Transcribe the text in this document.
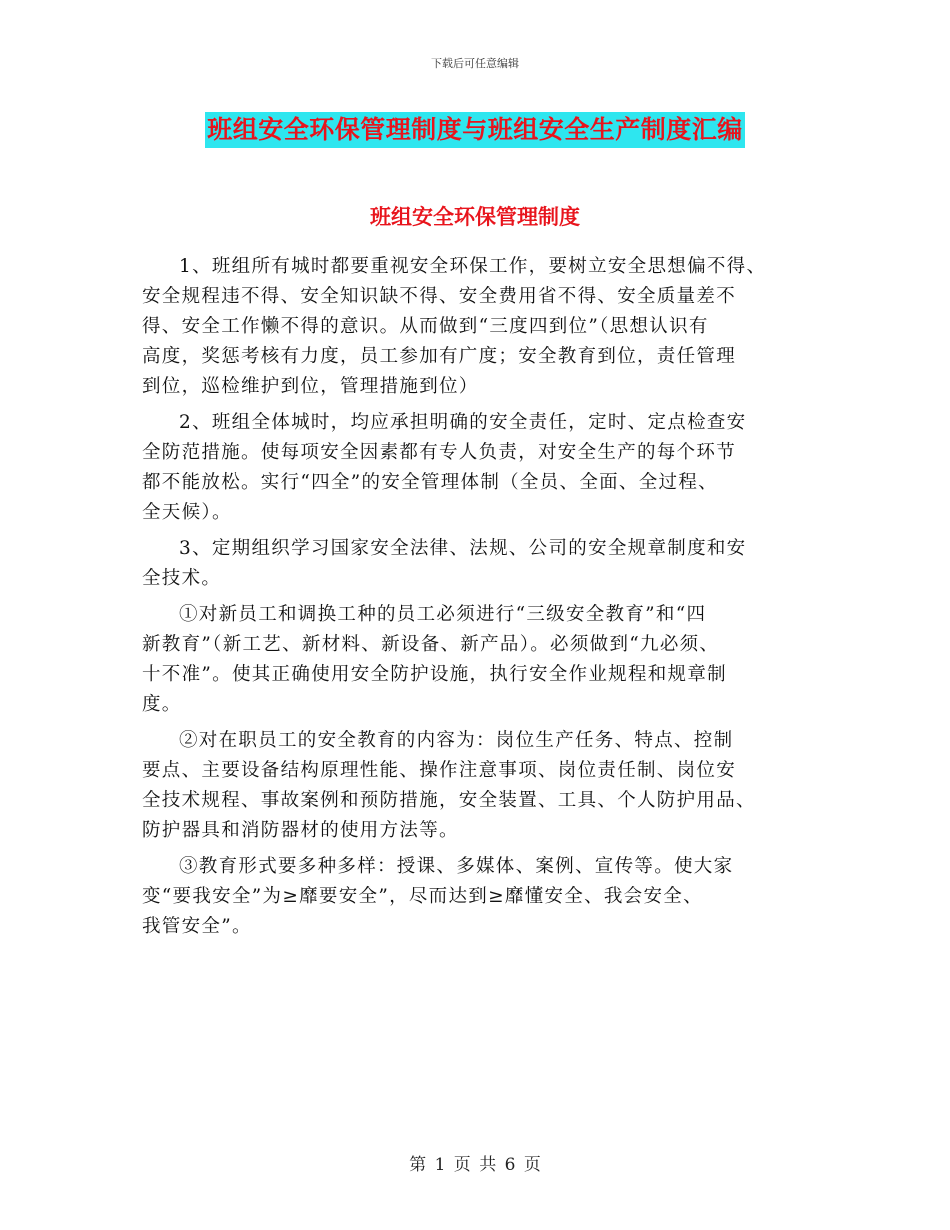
下载后可任意编辑
班组安全环保管理制度与班组安全生产制度汇编
班组安全环保管理制度
1、班组所有城时都要重视安全环保工作，要树立安全思想偏不得、
安全规程违不得、安全知识缺不得、安全费用省不得、安全质量差不
得、安全工作懒不得的意识。从而做到“三度四到位”（思想认识有
高度，奖惩考核有力度，员工参加有广度；安全教育到位，责任管理
到位，巡检维护到位，管理措施到位）
2、班组全体城时，均应承担明确的安全责任，定时、定点检查安
全防范措施。使每项安全因素都有专人负责，对安全生产的每个环节
都不能放松。实行“四全”的安全管理体制（全员、全面、全过程、
全天候）。
3、定期组织学习国家安全法律、法规、公司的安全规章制度和安
全技术。
①对新员工和调换工种的员工必须进行“三级安全教育”和“四
新教育”（新工艺、新材料、新设备、新产品）。必须做到“九必须、
十不准”。使其正确使用安全防护设施，执行安全作业规程和规章制
度。
②对在职员工的安全教育的内容为：岗位生产任务、特点、控制
要点、主要设备结构原理性能、操作注意事项、岗位责任制、岗位安
全技术规程、事故案例和预防措施，安全装置、工具、个人防护用品、
防护器具和消防器材的使用方法等。
③教育形式要多种多样：授课、多媒体、案例、宣传等。使大家
变“要我安全”为≥靡要安全”，尽而达到≥靡懂安全、我会安全、
我管安全”。
第 1 页 共 6 页
